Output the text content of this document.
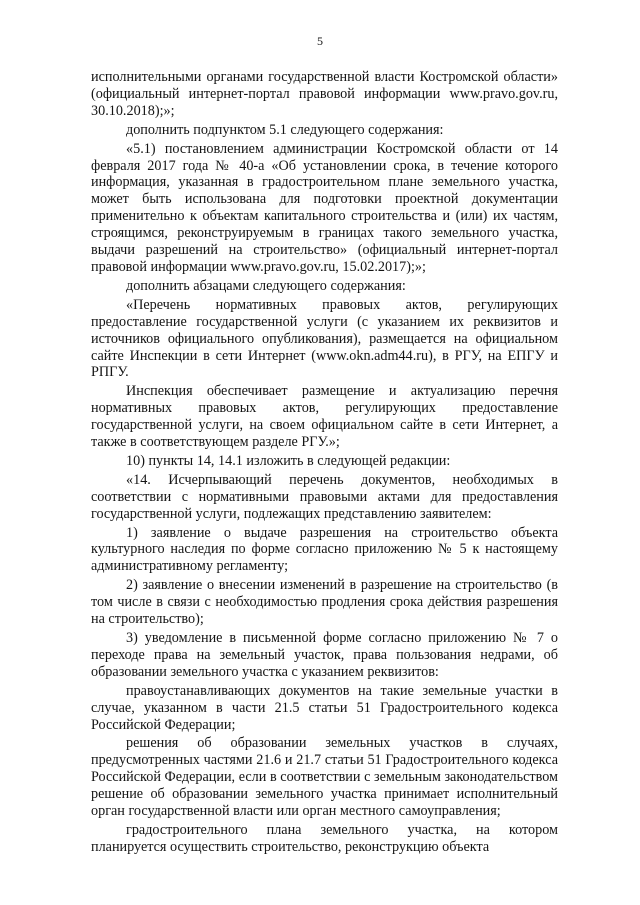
5

исполнительными органами государственной власти Костромской области» (официальный интернет-портал правовой информации www.pravo.gov.ru, 30.10.2018);»;

дополнить подпунктом 5.1 следующего содержания:

«5.1) постановлением администрации Костромской области от 14 февраля 2017 года № 40-а «Об установлении срока, в течение которого информация, указанная в градостроительном плане земельного участка, может быть использована для подготовки проектной документации применительно к объектам капитального строительства и (или) их частям, строящимся, реконструируемым в границах такого земельного участка, выдачи разрешений на строительство» (официальный интернет-портал правовой информации www.pravo.gov.ru, 15.02.2017);»;

дополнить абзацами следующего содержания:

«Перечень нормативных правовых актов, регулирующих предоставление государственной услуги (с указанием их реквизитов и источников официального опубликования), размещается на официальном сайте Инспекции в сети Интернет (www.okn.adm44.ru), в РГУ, на ЕПГУ и РПГУ.

Инспекция обеспечивает размещение и актуализацию перечня нормативных правовых актов, регулирующих предоставление государственной услуги, на своем официальном сайте в сети Интернет, а также в соответствующем разделе РГУ.»;

10) пункты 14, 14.1 изложить в следующей редакции:

«14. Исчерпывающий перечень документов, необходимых в соответствии с нормативными правовыми актами для предоставления государственной услуги, подлежащих представлению заявителем:

1) заявление о выдаче разрешения на строительство объекта культурного наследия по форме согласно приложению № 5 к настоящему административному регламенту;

2) заявление о внесении изменений в разрешение на строительство (в том числе в связи с необходимостью продления срока действия разрешения на строительство);

3) уведомление в письменной форме согласно приложению № 7 о переходе права на земельный участок, права пользования недрами, об образовании земельного участка с указанием реквизитов:

правоустанавливающих документов на такие земельные участки в случае, указанном в части 21.5 статьи 51 Градостроительного кодекса Российской Федерации;

решения об образовании земельных участков в случаях, предусмотренных частями 21.6 и 21.7 статьи 51 Градостроительного кодекса Российской Федерации, если в соответствии с земельным законодательством решение об образовании земельного участка принимает исполнительный орган государственной власти или орган местного самоуправления;

градостроительного плана земельного участка, на котором планируется осуществить строительство, реконструкцию объекта
